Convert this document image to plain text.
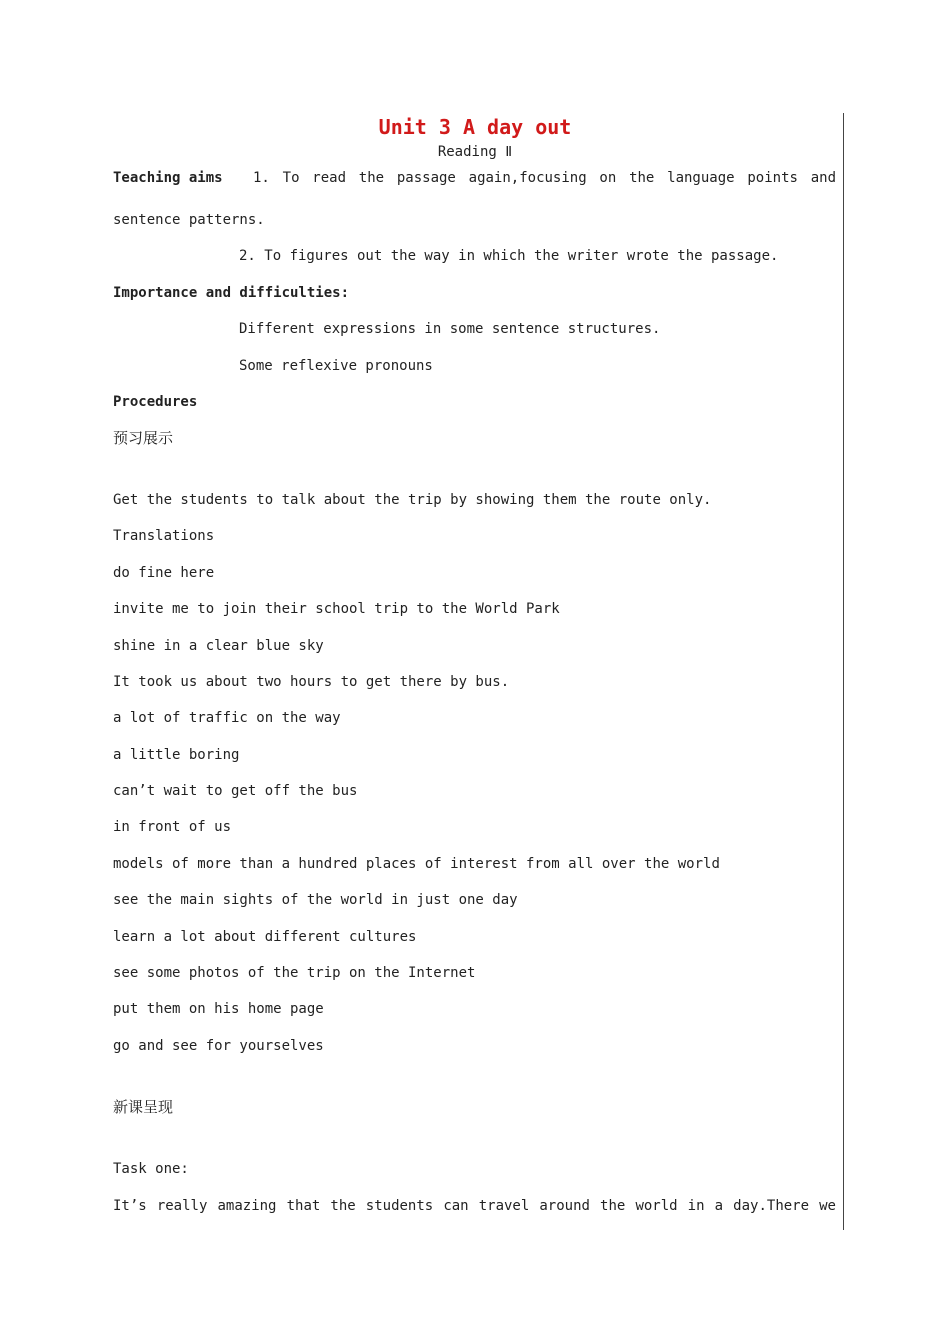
Unit 3 A day out
Reading Ⅱ
Teaching aims 1. To read the passage again,focusing on the language points and
sentence patterns.
2. To figures out the way in which the writer wrote the passage.
Importance and difficulties:
Different expressions in some sentence structures.
Some reflexive pronouns
Procedures
预习展示
Get the students to talk about the trip by showing them the route only.
Translations
do fine here
invite me to join their school trip to the World Park
shine in a clear blue sky
It took us about two hours to get there by bus.
a lot of traffic on the way
a little boring
can’t wait to get off the bus
in front of us
models of more than a hundred places of interest from all over the world
see the main sights of the world in just one day
learn a lot about different cultures
see some photos of the trip on the Internet
put them on his home page
go and see for yourselves
新课呈现
Task one:
It’s really amazing that the students can travel around the world in a day.There we
